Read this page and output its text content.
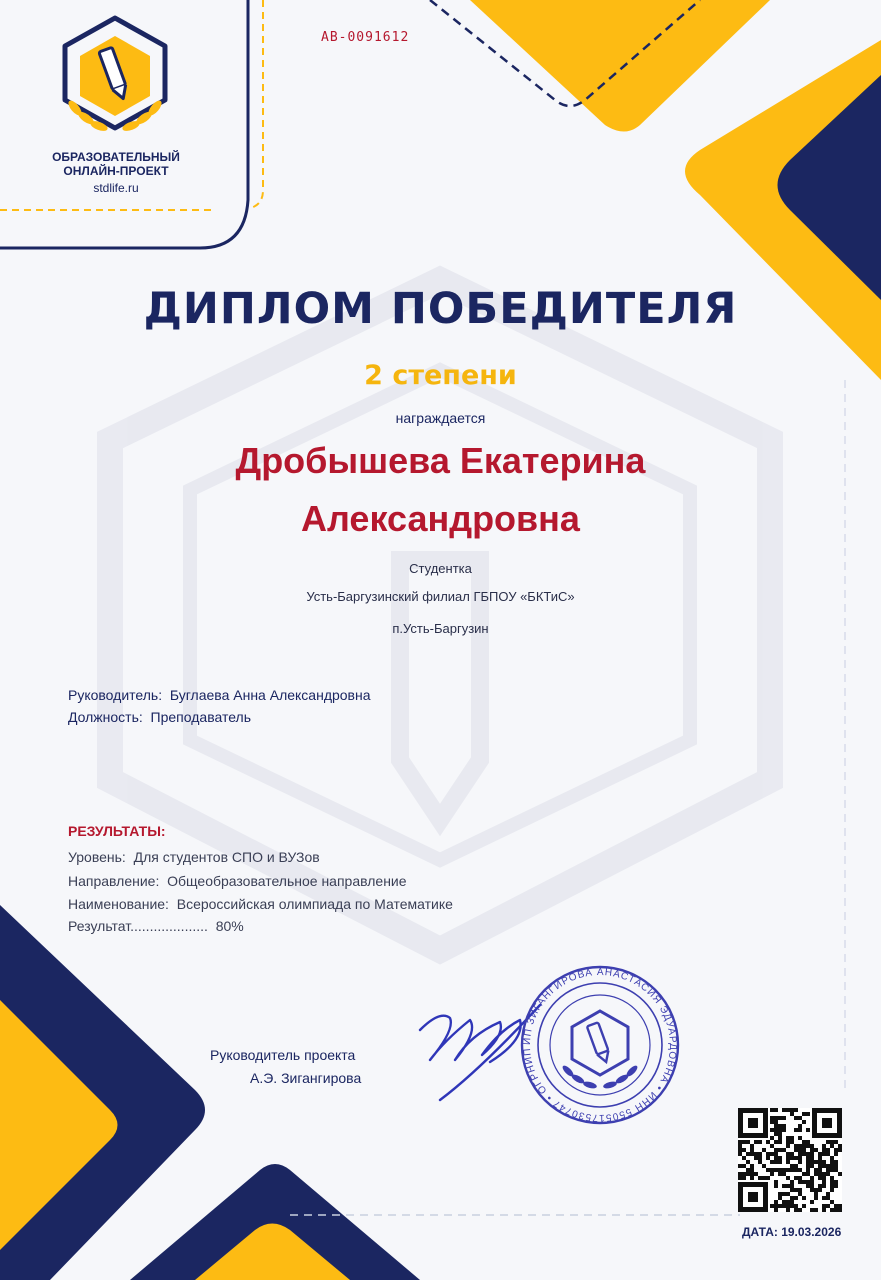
ИП ЗИГАНГИРОВА АНАСТАСИЯ ЭДУАРДОВНА • ИНН 550517530747 • ОГРНИП 317554300015520 • Г. ОМСК •
ОБРАЗОВАТЕЛЬНЫЙ
ОНЛАЙН-ПРОЕКТ
stdlife.ru
АВ-0091612
ДИПЛОМ ПОБЕДИТЕЛЯ
2 степени
награждается
Дробышева Екатерина
Александровна
Студентка
Усть-Баргузинский филиал ГБПОУ «БКТиС»
п.Усть-Баргузин
Руководитель: Буглаева Анна Александровна
Должность: Преподаватель
РЕЗУЛЬТАТЫ:
Уровень: Для студентов СПО и ВУЗов
Направление: Общеобразовательное направление
Наименование: Всероссийская олимпиада по Математике
Результат.................... 80%
Руководитель проекта
А.Э. Зигангирова
ДАТА: 19.03.2026
